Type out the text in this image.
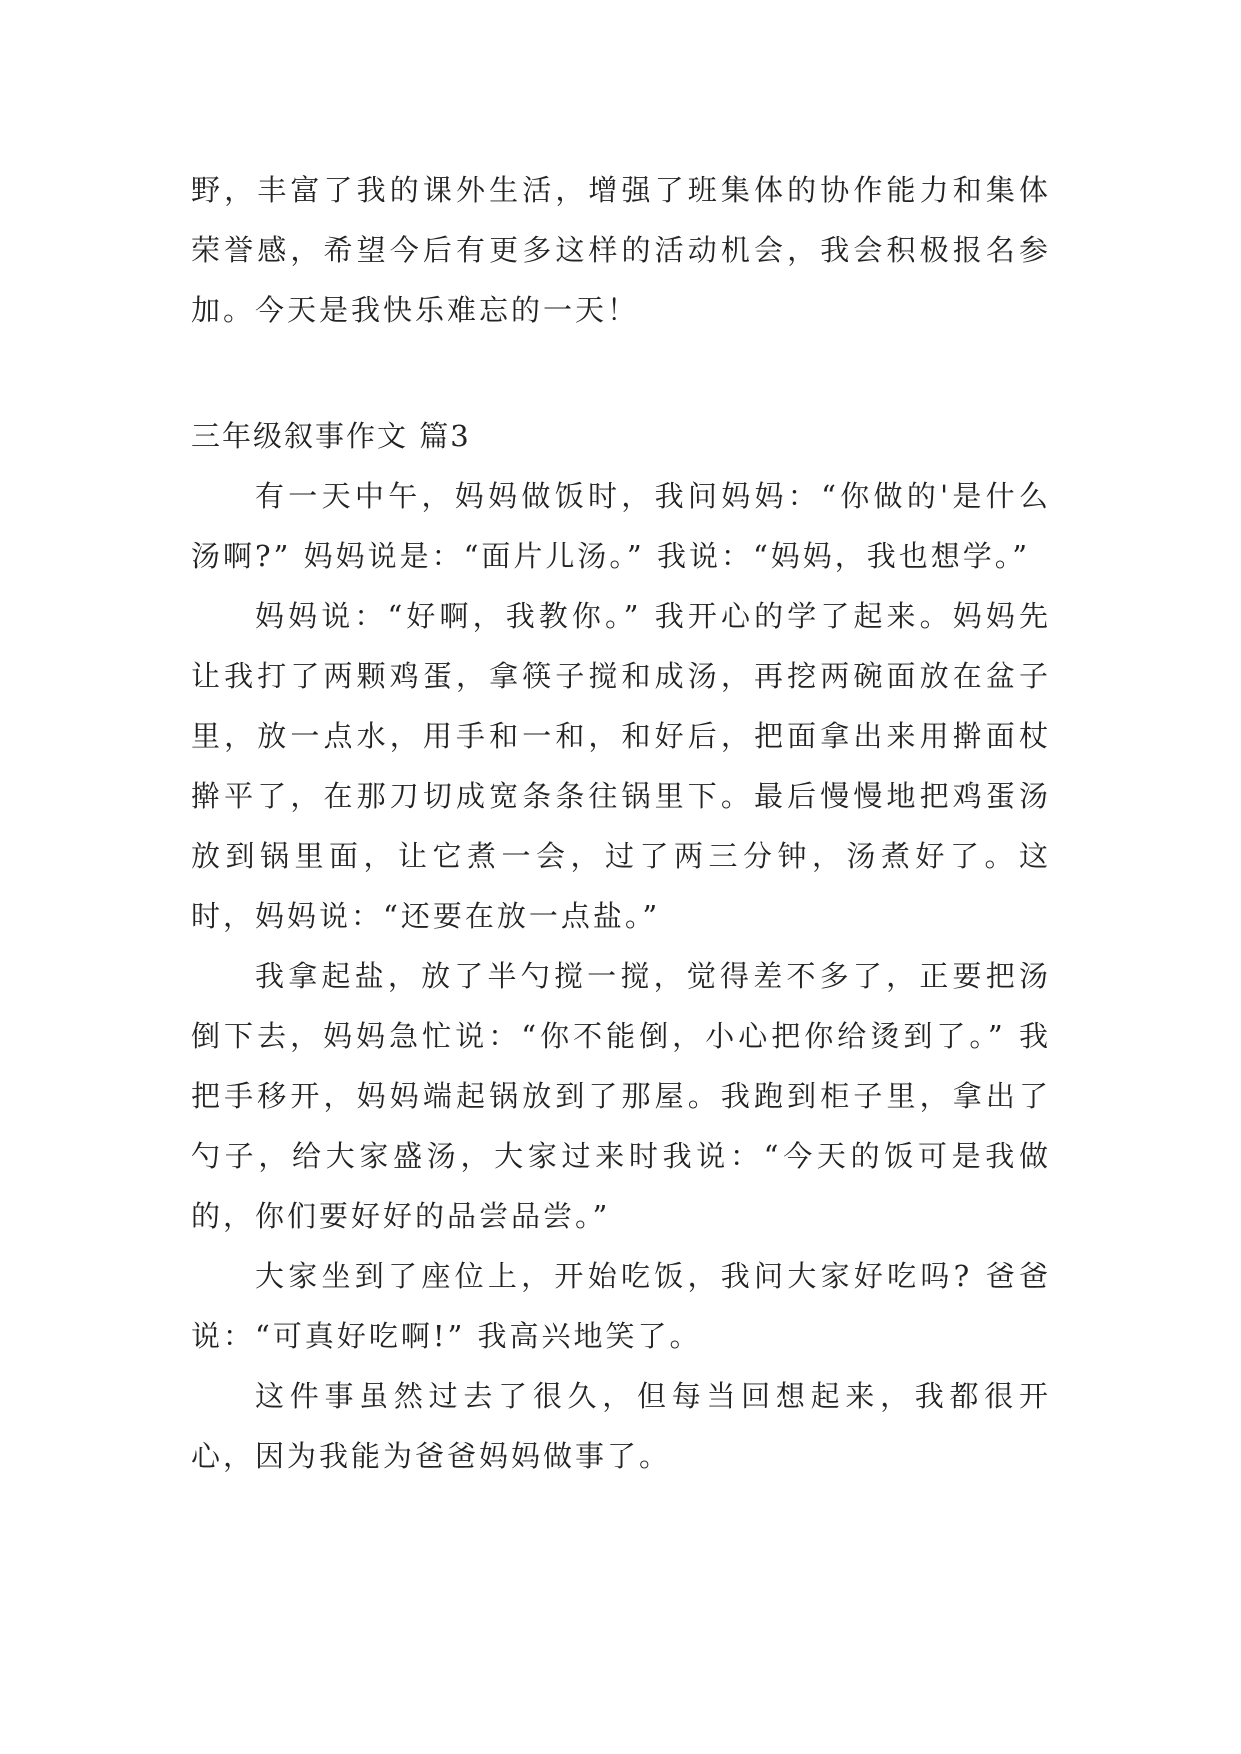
野，丰富了我的课外生活，增强了班集体的协作能力和集体荣誉感，希望今后有更多这样的活动机会，我会积极报名参加。今天是我快乐难忘的一天！

三年级叙事作文 篇3

有一天中午，妈妈做饭时，我问妈妈：“你做的'是什么汤啊?” 妈妈说是：“面片儿汤。” 我说：“妈妈，我也想学。”

妈妈说：“好啊，我教你。” 我开心的学了起来。妈妈先让我打了两颗鸡蛋，拿筷子搅和成汤，再挖两碗面放在盆子里，放一点水，用手和一和，和好后，把面拿出来用擀面杖擀平了，在那刀切成宽条条往锅里下。最后慢慢地把鸡蛋汤放到锅里面，让它煮一会，过了两三分钟，汤煮好了。这时，妈妈说：“还要在放一点盐。”

我拿起盐，放了半勺搅一搅，觉得差不多了，正要把汤倒下去，妈妈急忙说：“你不能倒，小心把你给烫到了。” 我把手移开，妈妈端起锅放到了那屋。我跑到柜子里，拿出了勺子，给大家盛汤，大家过来时我说：“今天的饭可是我做的，你们要好好的品尝品尝。”

大家坐到了座位上，开始吃饭，我问大家好吃吗? 爸爸说：“可真好吃啊!” 我高兴地笑了。

这件事虽然过去了很久，但每当回想起来，我都很开心，因为我能为爸爸妈妈做事了。
